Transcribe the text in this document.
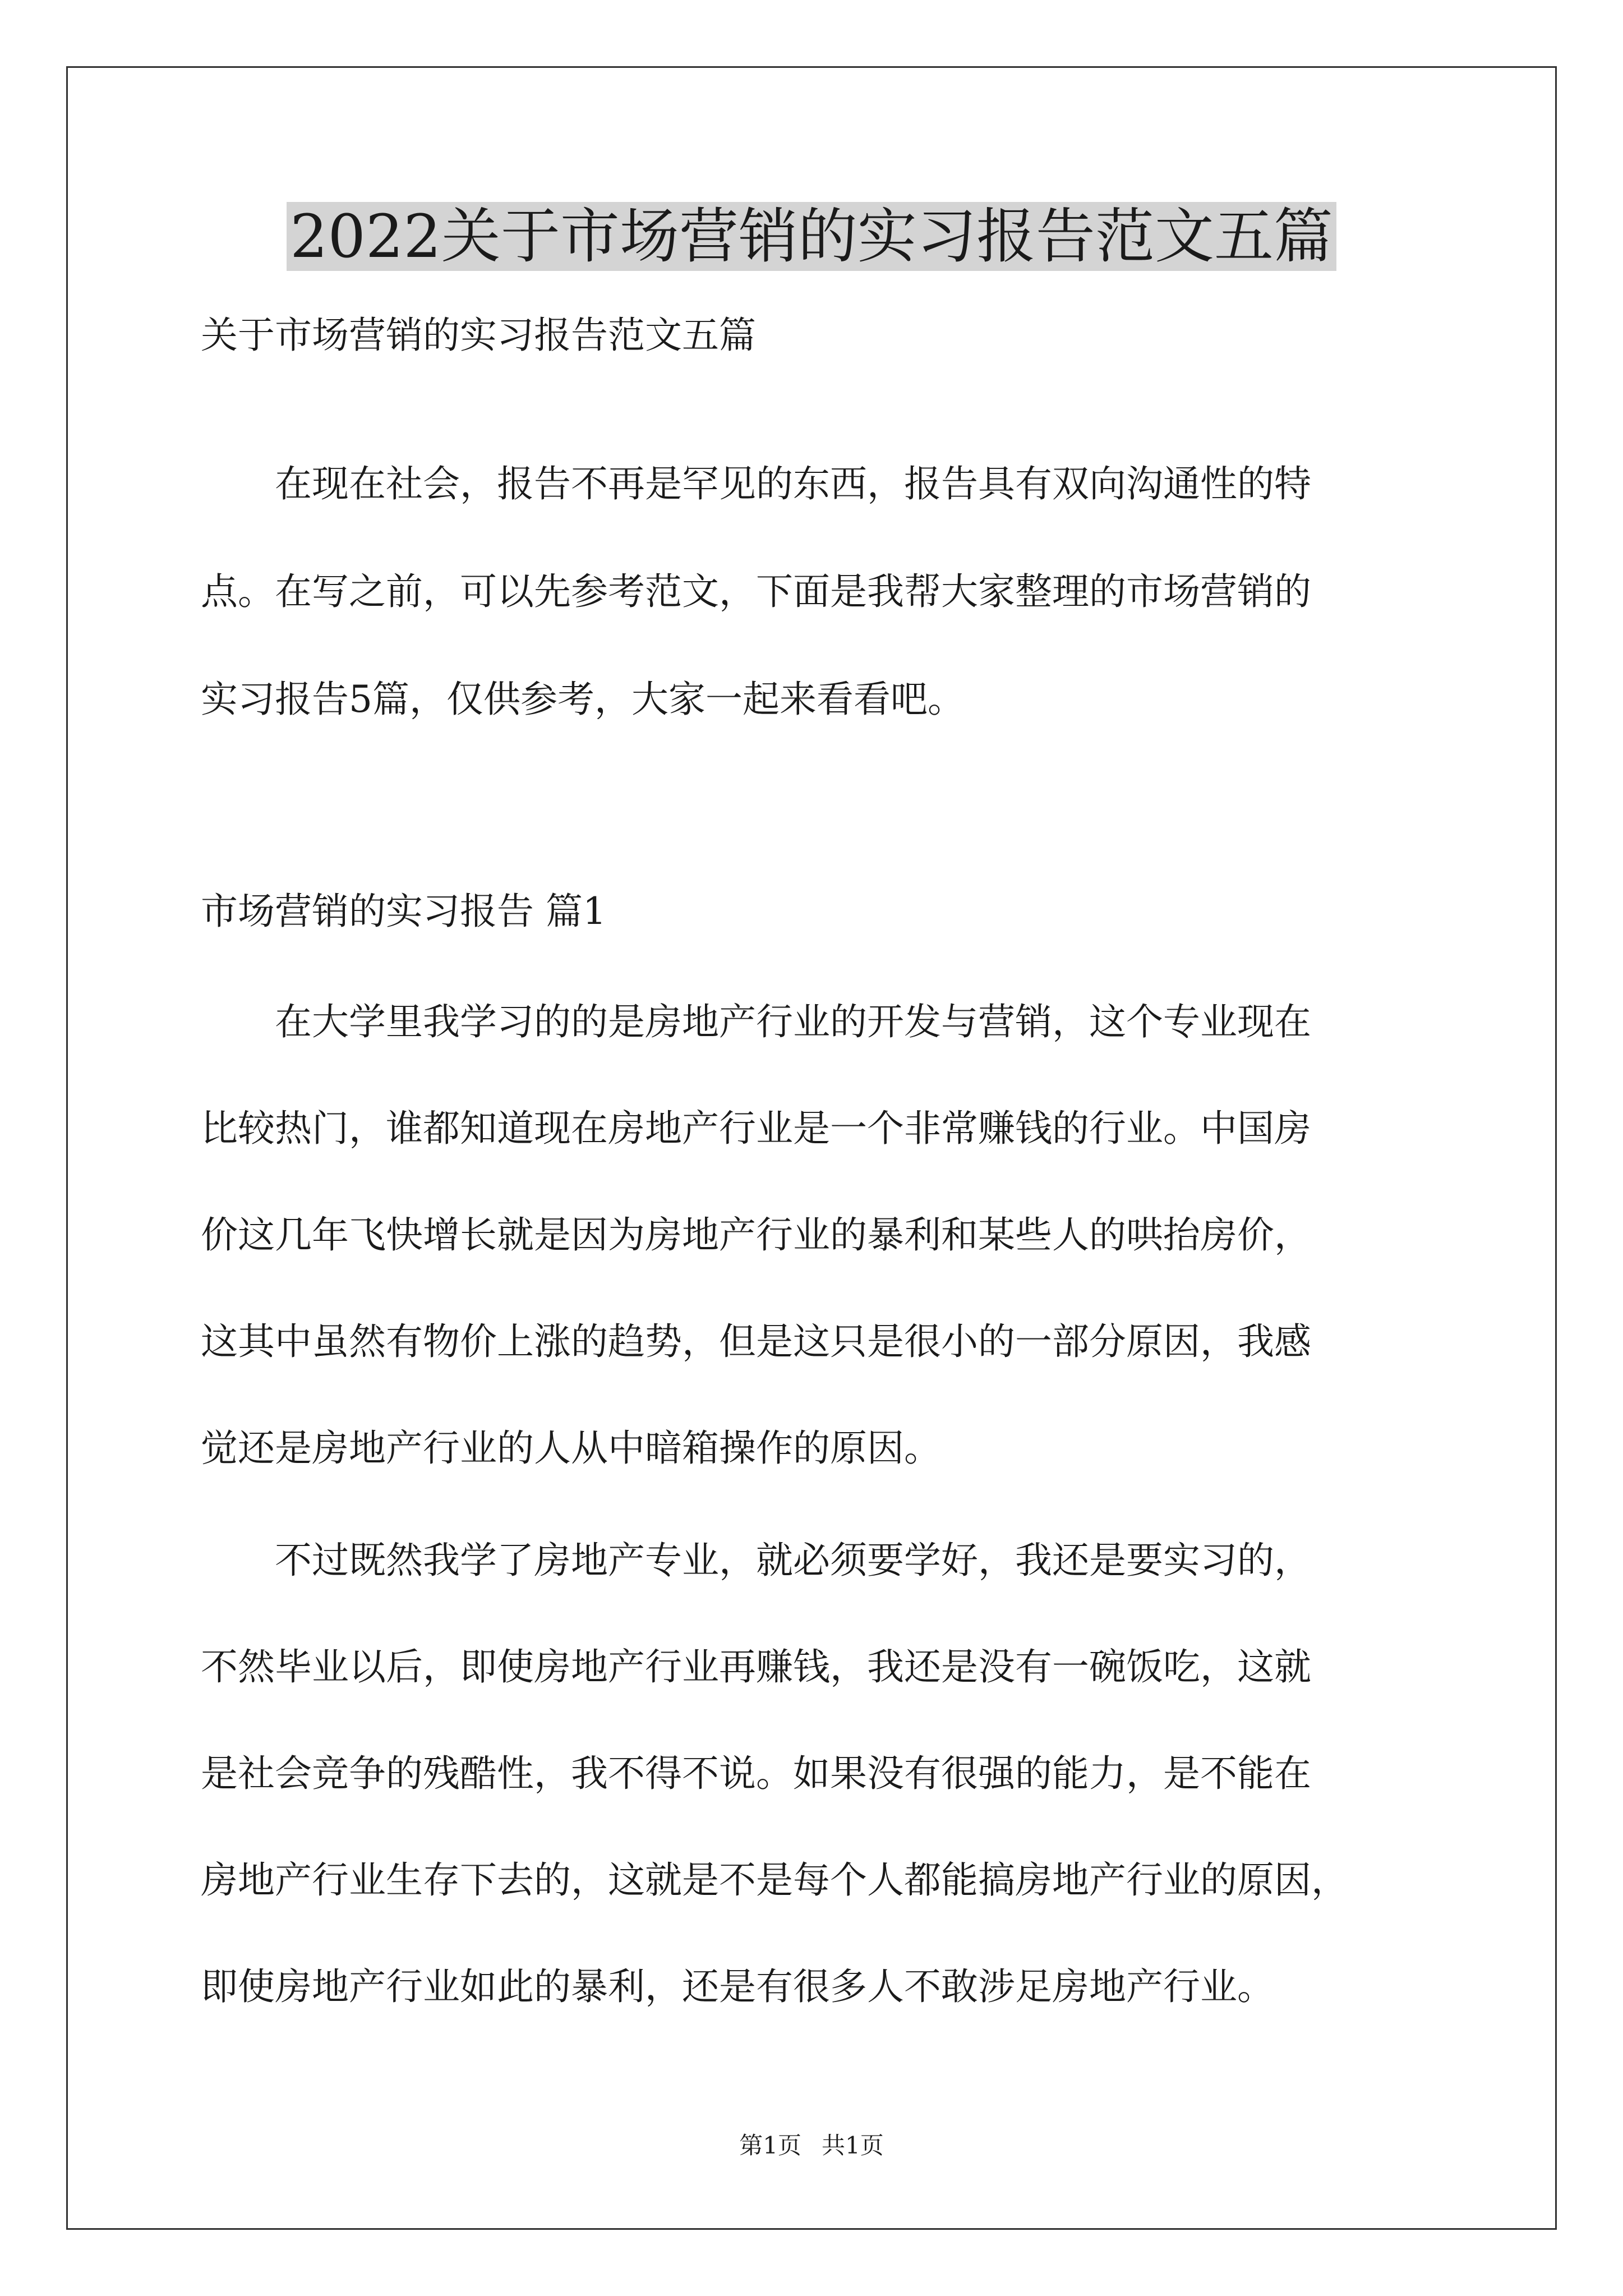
2022关于市场营销的实习报告范文五篇
关于市场营销的实习报告范文五篇
　　在现在社会，报告不再是罕见的东西，报告具有双向沟通性的特
点。在写之前，可以先参考范文，下面是我帮大家整理的市场营销的
实习报告5篇，仅供参考，大家一起来看看吧。
市场营销的实习报告 篇1
　　在大学里我学习的的是房地产行业的开发与营销，这个专业现在
比较热门，谁都知道现在房地产行业是一个非常赚钱的行业。中国房
价这几年飞快增长就是因为房地产行业的暴利和某些人的哄抬房价，
这其中虽然有物价上涨的趋势，但是这只是很小的一部分原因，我感
觉还是房地产行业的人从中暗箱操作的原因。
　　不过既然我学了房地产专业，就必须要学好，我还是要实习的，
不然毕业以后，即使房地产行业再赚钱，我还是没有一碗饭吃，这就
是社会竞争的残酷性，我不得不说。如果没有很强的能力，是不能在
房地产行业生存下去的，这就是不是每个人都能搞房地产行业的原因，
即使房地产行业如此的暴利，还是有很多人不敢涉足房地产行业。
第1页 共1页
